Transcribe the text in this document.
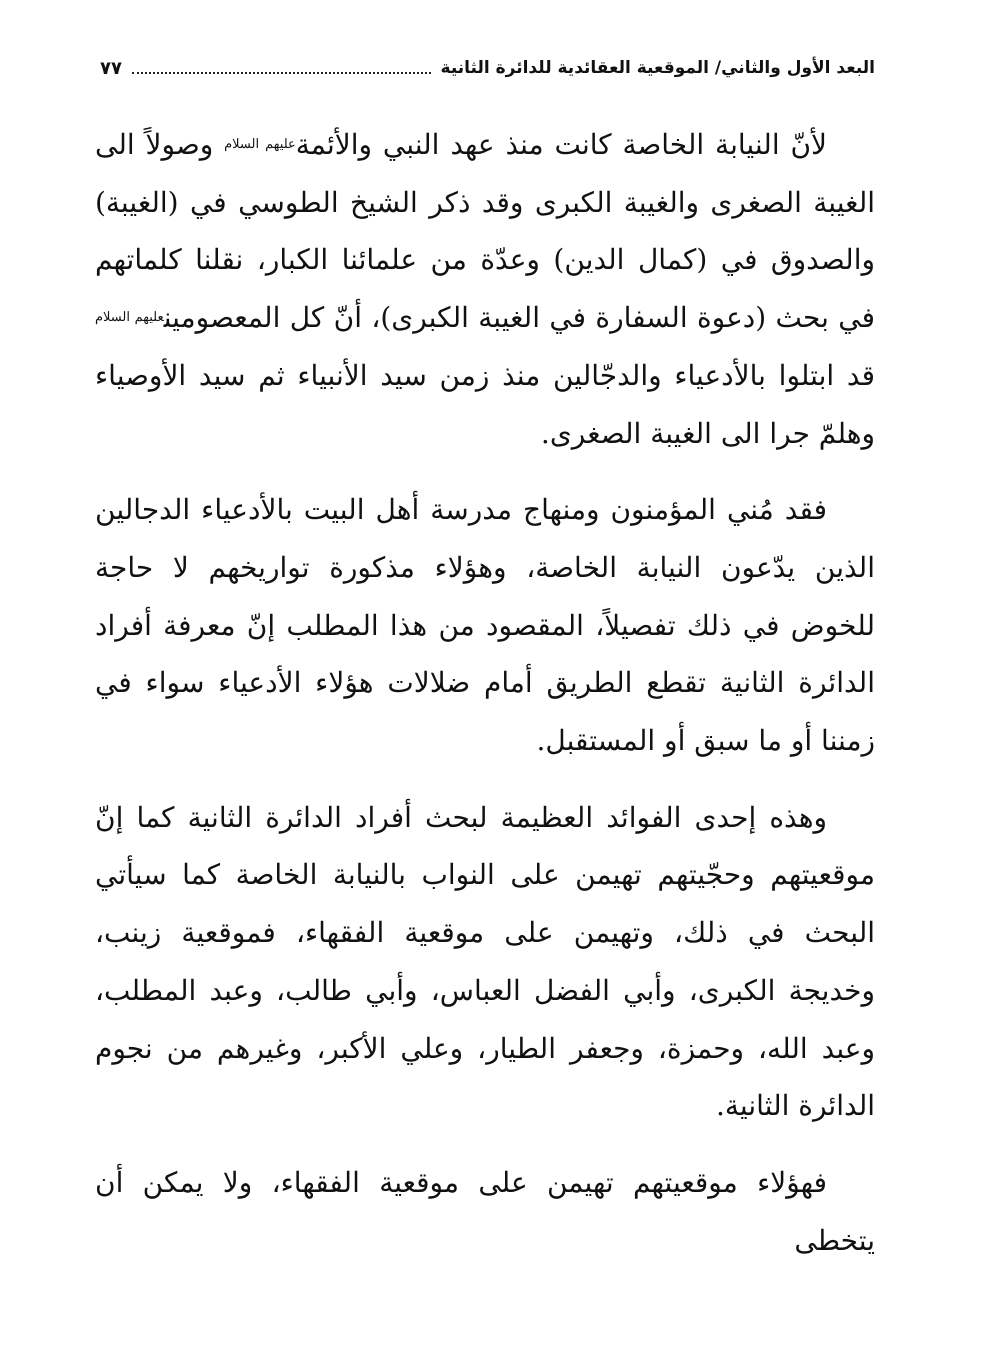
البعد الأول والثاني/ الموقعية العقائدية للدائرة الثانية
٧٧

لأنّ النيابة الخاصة كانت منذ عهد النبي والأئمة$^{عليهم السلام}$ وصولاً الى الغيبة الصغرى والغيبة الكبرى وقد ذكر الشيخ الطوسي في (الغيبة) والصدوق في (كمال الدين) وعدّة من علمائنا الكبار، نقلنا كلماتهم في بحث (دعوة السفارة في الغيبة الكبرى)، أنّ كل المعصومين$^{عليهم السلام}$ قد ابتلوا بالأدعياء والدجّالين منذ زمن سيد الأنبياء ثم سيد الأوصياء وهلمّ جرا الى الغيبة الصغرى.

فقد مُني المؤمنون ومنهاج مدرسة أهل البيت بالأدعياء الدجالين الذين يدّعون النيابة الخاصة، وهؤلاء مذكورة تواريخهم لا حاجة للخوض في ذلك تفصيلاً، المقصود من هذا المطلب إنّ معرفة أفراد الدائرة الثانية تقطع الطريق أمام ضلالات هؤلاء الأدعياء سواء في زمننا أو ما سبق أو المستقبل.

وهذه إحدى الفوائد العظيمة لبحث أفراد الدائرة الثانية كما إنّ موقعيتهم وحجّيتهم تهيمن على النواب بالنيابة الخاصة كما سيأتي البحث في ذلك، وتهيمن على موقعية الفقهاء، فموقعية زينب، وخديجة الكبرى، وأبي الفضل العباس، وأبي طالب، وعبد المطلب، وعبد الله، وحمزة، وجعفر الطيار، وعلي الأكبر، وغيرهم من نجوم الدائرة الثانية.

فهؤلاء موقعيتهم تهيمن على موقعية الفقهاء، ولا يمكن أن يتخطى
